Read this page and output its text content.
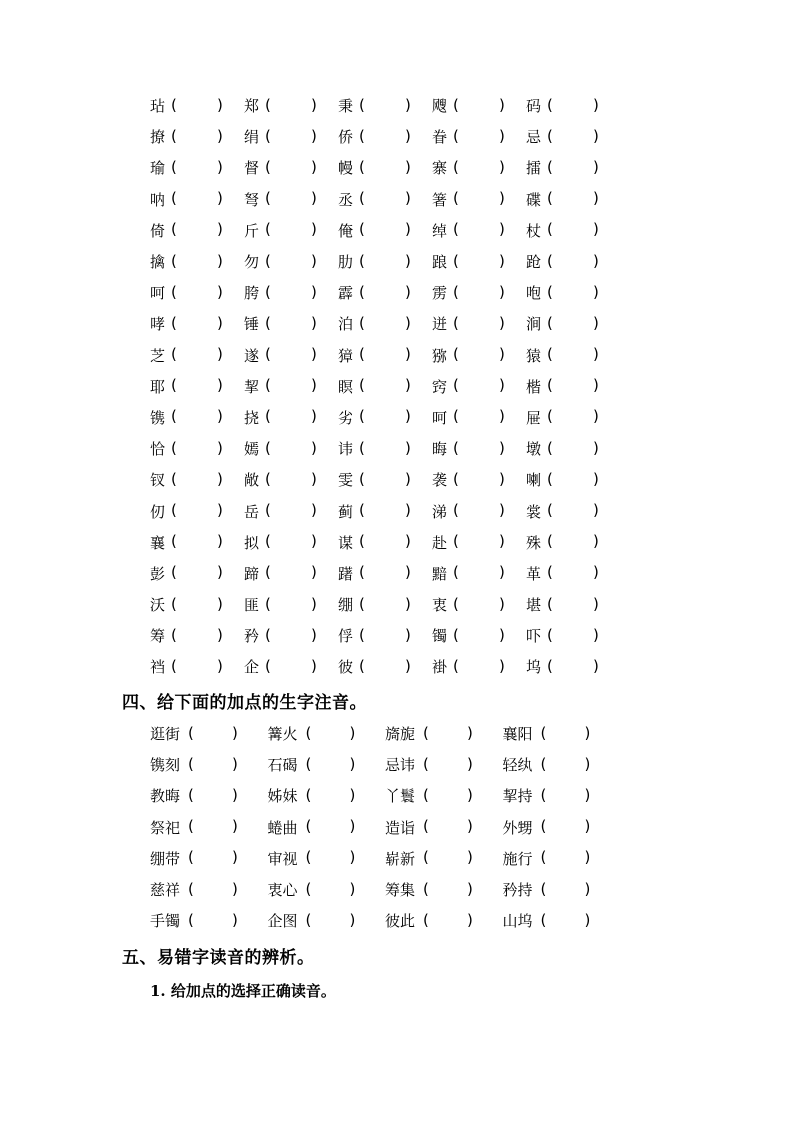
玷 (	) 郑 (	) 秉 (	) 飕 (	) 码 (	)
撩 (	) 绢 (	) 侨 (	) 眷 (	) 忌 (	)
瑜 (	) 督 (	) 幔 (	) 寨 (	) 擂 (	)
呐 (	) 弩 (	) 丞 (	) 箸 (	) 碟 (	)
倚 (	) 斤 (	) 俺 (	) 绰 (	) 杖 (	)
擒 (	) 勿 (	) 肋 (	) 踉 (	) 跄 (	)
呵 (	) 胯 (	) 霹 (	) 雳 (	) 咆 (	)
哮 (	) 锤 (	) 泊 (	) 迸 (	) 涧 (	)
芝 (	) 遂 (	) 獐 (	) 猕 (	) 猿 (	)
耶 (	) 挈 (	) 瞑 (	) 窍 (	) 楷 (	)
镌 (	) 挠 (	) 劣 (	) 呵 (	) 屉 (	)
恰 (	) 嫣 (	) 讳 (	) 晦 (	) 墩 (	)
钗 (	) 敞 (	) 雯 (	) 袭 (	) 喇 (	)
仞 (	) 岳 (	) 蓟 (	) 涕 (	) 裳 (	)
襄 (	) 拟 (	) 谋 (	) 赴 (	) 殊 (	)
彭 (	) 蹄 (	) 躇 (	) 黯 (	) 革 (	)
沃 (	) 匪 (	) 绷 (	) 衷 (	) 堪 (	)
筹 (	) 矜 (	) 俘 (	) 镯 (	) 吓 (	)
裆 (	) 企 (	) 彼 (	) 褂 (	) 坞 (	)
四、给下面的加点的生字注音。
逛街 (	) 篝火 (	) 旖旎 (	) 襄阳 (	)
镌刻 (	) 石碣 (	) 忌讳 (	) 轻纨 (	)
教晦 (	) 姊妹 (	) 丫鬟 (	) 挈持 (	)
祭祀 (	) 蜷曲 (	) 造诣 (	) 外甥 (	)
绷带 (	) 审视 (	) 崭新 (	) 施行 (	)
慈祥 (	) 衷心 (	) 筹集 (	) 矜持 (	)
手镯 (	) 企图 (	) 彼此 (	) 山坞 (	)
五、易错字读音的辨析。
1. 给加点的选择正确读音。
